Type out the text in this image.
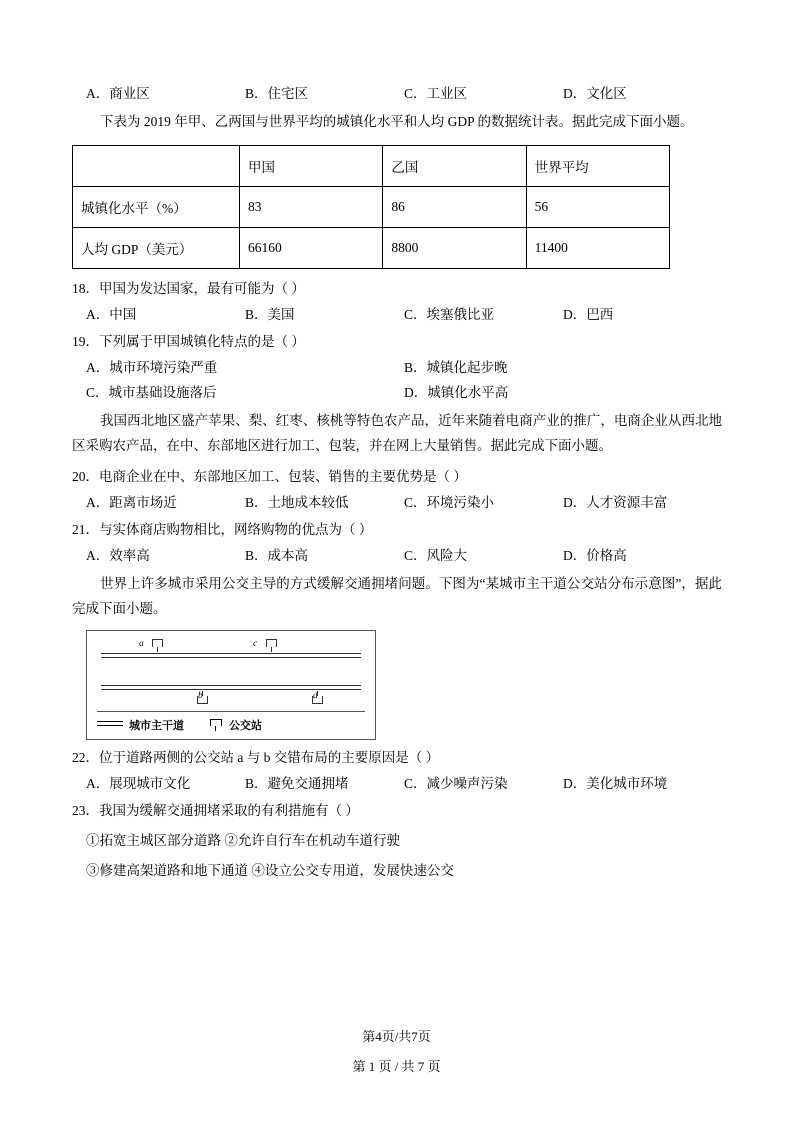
A．商业区	B．住宅区	C．工业区	D．文化区
下表为 2019 年甲、乙两国与世界平均的城镇化水平和人均 GDP 的数据统计表。据此完成下面小题。
	甲国	乙国	世界平均
城镇化水平（%）	83	86	56
人均 GDP（美元）	66160	8800	11400
18．甲国为发达国家，最有可能为（ ）
A．中国	B．美国	C．埃塞俄比亚	D．巴西
19．下列属于甲国城镇化特点的是（ ）
A．城市环境污染严重	B．城镇化起步晚
C．城市基础设施落后	D．城镇化水平高
我国西北地区盛产苹果、梨、红枣、核桃等特色农产品，近年来随着电商产业的推广，电商企业从西北地区采购农产品，在中、东部地区进行加工、包装，并在网上大量销售。据此完成下面小题。
20．电商企业在中、东部地区加工、包装、销售的主要优势是（ ）
A．距离市场近	B．土地成本较低	C．环境污染小	D．人才资源丰富
21．与实体商店购物相比，网络购物的优点为（ ）
A．效率高	B．成本高	C．风险大	D．价格高
世界上许多城市采用公交主导的方式缓解交通拥堵问题。下图为“某城市主干道公交站分布示意图”，据此完成下面小题。
a	c
b	d
城市主干道	公交站
22．位于道路两侧的公交站 a 与 b 交错布局的主要原因是（ ）
A．展现城市文化	B．避免交通拥堵	C．减少噪声污染	D．美化城市环境
23．我国为缓解交通拥堵采取的有利措施有（ ）
①拓宽主城区部分道路 ②允许自行车在机动车道行驶
③修建高架道路和地下通道 ④设立公交专用道，发展快速公交
第4页/共7页
第 1 页 / 共 7 页
